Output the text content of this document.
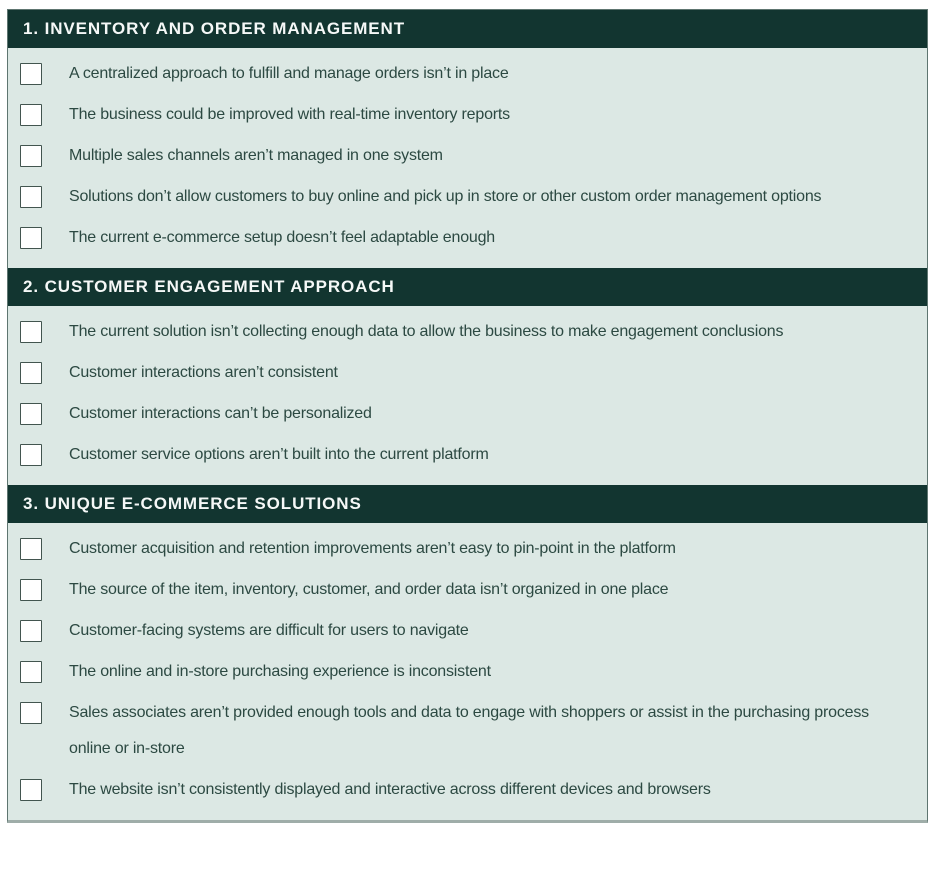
1. INVENTORY AND ORDER MANAGEMENT
A centralized approach to fulfill and manage orders isn’t in place
The business could be improved with real-time inventory reports
Multiple sales channels aren’t managed in one system
Solutions don’t allow customers to buy online and pick up in store or other custom order management options
The current e-commerce setup doesn’t feel adaptable enough
2. CUSTOMER ENGAGEMENT APPROACH
The current solution isn’t collecting enough data to allow the business to make engagement conclusions
Customer interactions aren’t consistent
Customer interactions can’t be personalized
Customer service options aren’t built into the current platform
3. UNIQUE E-COMMERCE SOLUTIONS
Customer acquisition and retention improvements aren’t easy to pin-point in the platform
The source of the item, inventory, customer, and order data isn’t organized in one place
Customer-facing systems are difficult for users to navigate
The online and in-store purchasing experience is inconsistent
Sales associates aren’t provided enough tools and data to engage with shoppers or assist in the purchasing process online or in-store
The website isn’t consistently displayed and interactive across different devices and browsers
